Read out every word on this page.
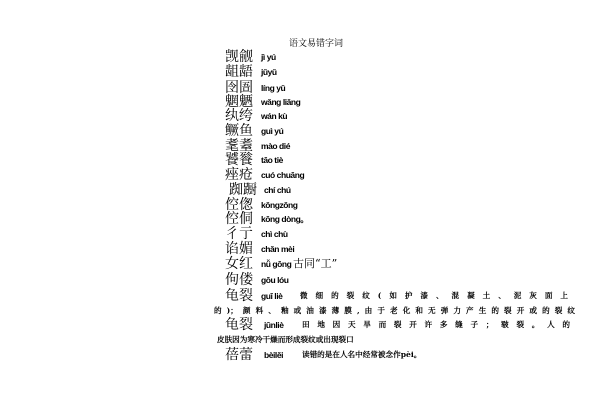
语文易错字词
觊觎 jì yú
龃龉 jǔyǔ
囹圄 líng yǔ
魍魉 wǎng liǎng
纨绔 wán kù
鳜鱼 guì yú
耄耋 mào dié
饕餮 tāo tiè
痤疮 cuó chuāng
踟蹰 chí chú
倥偬 kǒngzǒng
倥侗 kōng dòng。
彳亍 chì chù
谄媚 chǎn mèi
女红 nǚ gōng 古同“工”
佝偻 gōu lóu
龟裂 guī liè 微细的裂纹(如护漆、混凝土、泥灰面上
的)；颜料、釉或油漆薄膜,由于老化和无弹力产生的裂开或的裂纹
龟裂 jūnliè 田地因天旱而裂开许多缝子；皲裂。人的
皮肤因为寒冷干燥而形成裂纹或出现裂口
蓓蕾 bèilěi 读错的是在人名中经常被念作pèi。
